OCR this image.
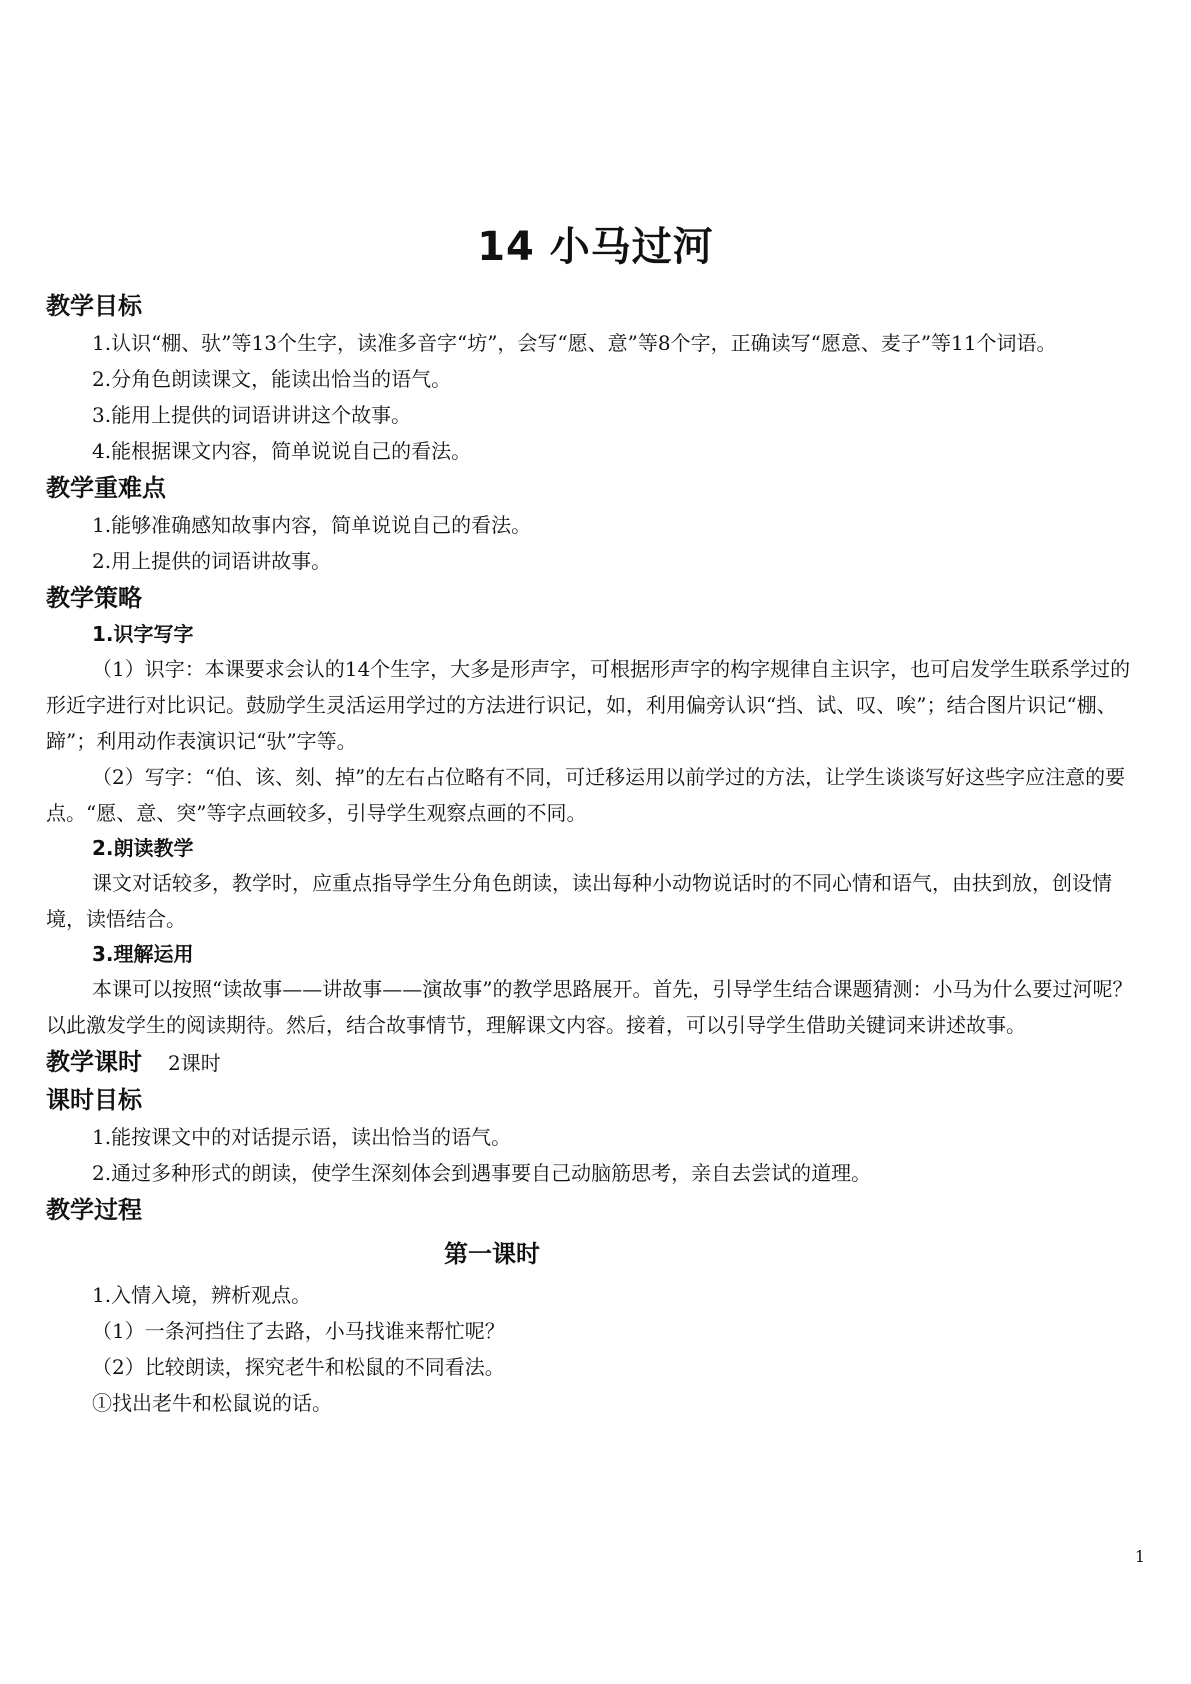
14 小马过河
教学目标
1.认识“棚、驮”等13个生字，读准多音字“坊”，会写“愿、意”等8个字，正确读写“愿意、麦子”等11个词语。
2.分角色朗读课文，能读出恰当的语气。
3.能用上提供的词语讲讲这个故事。
4.能根据课文内容，简单说说自己的看法。
教学重难点
1.能够准确感知故事内容，简单说说自己的看法。
2.用上提供的词语讲故事。
教学策略
1.识字写字
（1）识字：本课要求会认的14个生字，大多是形声字，可根据形声字的构字规律自主识字，也可启发学生联系学过的形近字进行对比识记。鼓励学生灵活运用学过的方法进行识记，如，利用偏旁认识“挡、试、叹、唉”；结合图片识记“棚、蹄”；利用动作表演识记“驮”字等。
（2）写字：“伯、该、刻、掉”的左右占位略有不同，可迁移运用以前学过的方法，让学生谈谈写好这些字应注意的要点。“愿、意、突”等字点画较多，引导学生观察点画的不同。
2.朗读教学
课文对话较多，教学时，应重点指导学生分角色朗读，读出每种小动物说话时的不同心情和语气，由扶到放，创设情境，读悟结合。
3.理解运用
本课可以按照“读故事——讲故事——演故事”的教学思路展开。首先，引导学生结合课题猜测：小马为什么要过河呢？以此激发学生的阅读期待。然后，结合故事情节，理解课文内容。接着，可以引导学生借助关键词来讲述故事。
教学课时 2课时
课时目标
1.能按课文中的对话提示语，读出恰当的语气。
2.通过多种形式的朗读，使学生深刻体会到遇事要自己动脑筋思考，亲自去尝试的道理。
教学过程
第一课时
1.入情入境，辨析观点。
（1）一条河挡住了去路，小马找谁来帮忙呢？
（2）比较朗读，探究老牛和松鼠的不同看法。
①找出老牛和松鼠说的话。
1
